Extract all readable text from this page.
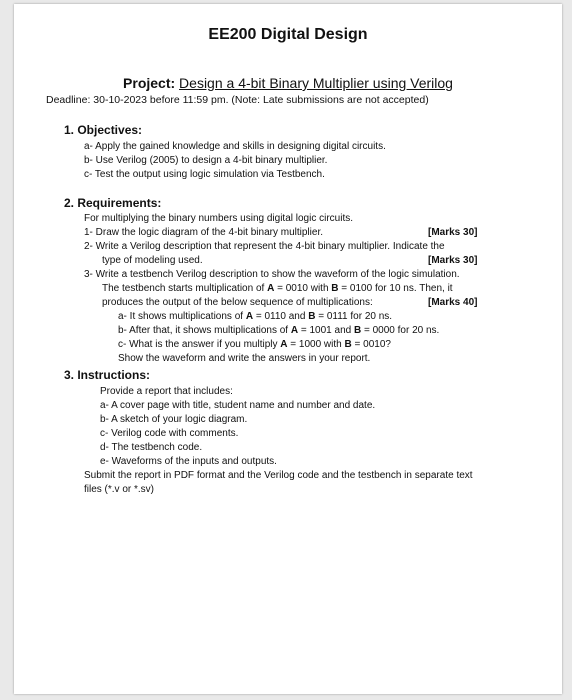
EE200 Digital Design
Project: Design a 4-bit Binary Multiplier using Verilog
Deadline: 30-10-2023 before 11:59 pm. (Note: Late submissions are not accepted)
1. Objectives:
a- Apply the gained knowledge and skills in designing digital circuits.
b- Use Verilog (2005) to design a 4-bit binary multiplier.
c- Test the output using logic simulation via Testbench.
2. Requirements:
For multiplying the binary numbers using digital logic circuits.
1- Draw the logic diagram of the 4-bit binary multiplier.	[Marks 30]
2- Write a Verilog description that represent the 4-bit binary multiplier. Indicate the
type of modeling used.	[Marks 30]
3- Write a testbench Verilog description to show the waveform of the logic simulation.
The testbench starts multiplication of A = 0010 with B = 0100 for 10 ns. Then, it
produces the output of the below sequence of multiplications:	[Marks 40]
a- It shows multiplications of A = 0110 and B = 0111 for 20 ns.
b- After that, it shows multiplications of A = 1001 and B = 0000 for 20 ns.
c- What is the answer if you multiply A = 1000 with B = 0010?
Show the waveform and write the answers in your report.
3. Instructions:
Provide a report that includes:
a- A cover page with title, student name and number and date.
b- A sketch of your logic diagram.
c- Verilog code with comments.
d- The testbench code.
e- Waveforms of the inputs and outputs.
Submit the report in PDF format and the Verilog code and the testbench in separate text
files (*.v or *.sv)
